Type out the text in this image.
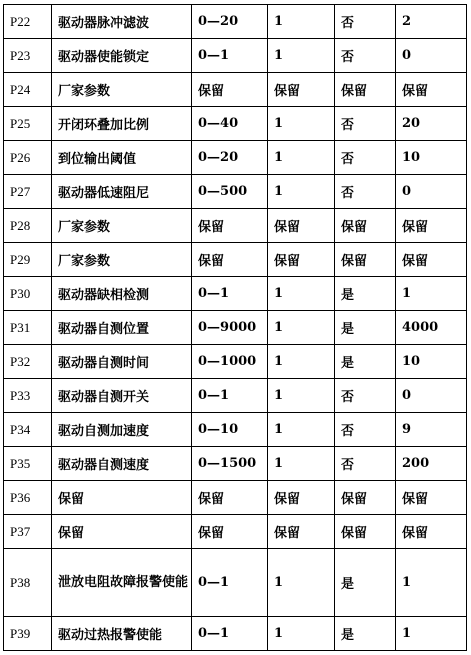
P22	驱动器脉冲滤波	0—20	1	否	2
P23	驱动器使能锁定	0—1	1	否	0
P24	厂家参数	保留	保留	保留	保留
P25	开闭环叠加比例	0—40	1	否	20
P26	到位输出阈值	0—20	1	否	10
P27	驱动器低速阻尼	0—500	1	否	0
P28	厂家参数	保留	保留	保留	保留
P29	厂家参数	保留	保留	保留	保留
P30	驱动器缺相检测	0—1	1	是	1
P31	驱动器自测位置	0—9000	1	是	4000
P32	驱动器自测时间	0—1000	1	是	10
P33	驱动器自测开关	0—1	1	否	0
P34	驱动自测加速度	0—10	1	否	9
P35	驱动器自测速度	0—1500	1	否	200
P36	保留	保留	保留	保留	保留
P37	保留	保留	保留	保留	保留
P38	泄放电阻故障报警使能	0—1	1	是	1
P39	驱动过热报警使能	0—1	1	是	1
